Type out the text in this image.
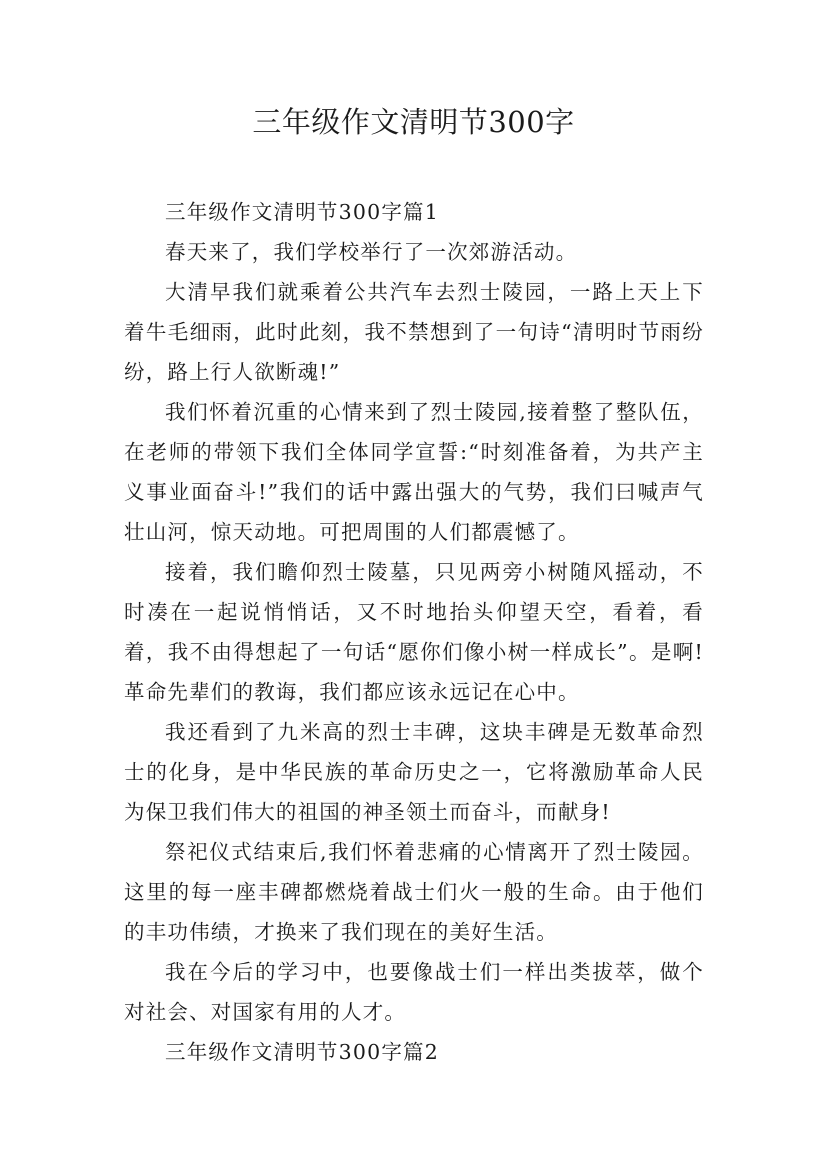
三年级作文清明节300字

三年级作文清明节300字篇1

春天来了，我们学校举行了一次郊游活动。

大清早我们就乘着公共汽车去烈士陵园，一路上天上下着牛毛细雨，此时此刻，我不禁想到了一句诗“清明时节雨纷纷，路上行人欲断魂!”

我们怀着沉重的心情来到了烈士陵园,接着整了整队伍，在老师的带领下我们全体同学宣誓:“时刻准备着，为共产主义事业面奋斗!”我们的话中露出强大的气势，我们曰喊声气壮山河，惊天动地。可把周围的人们都震憾了。

接着，我们瞻仰烈士陵墓，只见两旁小树随风摇动，不时凑在一起说悄悄话，又不时地抬头仰望天空，看着，看着，我不由得想起了一句话“愿你们像小树一样成长”。是啊!革命先辈们的教诲，我们都应该永远记在心中。

我还看到了九米高的烈士丰碑，这块丰碑是无数革命烈士的化身，是中华民族的革命历史之一，它将激励革命人民为保卫我们伟大的祖国的神圣领土而奋斗，而献身!

祭祀仪式结束后,我们怀着悲痛的心情离开了烈士陵园。这里的每一座丰碑都燃烧着战士们火一般的生命。由于他们的丰功伟绩，才换来了我们现在的美好生活。

我在今后的学习中，也要像战士们一样出类拔萃，做个对社会、对国家有用的人才。

三年级作文清明节300字篇2
